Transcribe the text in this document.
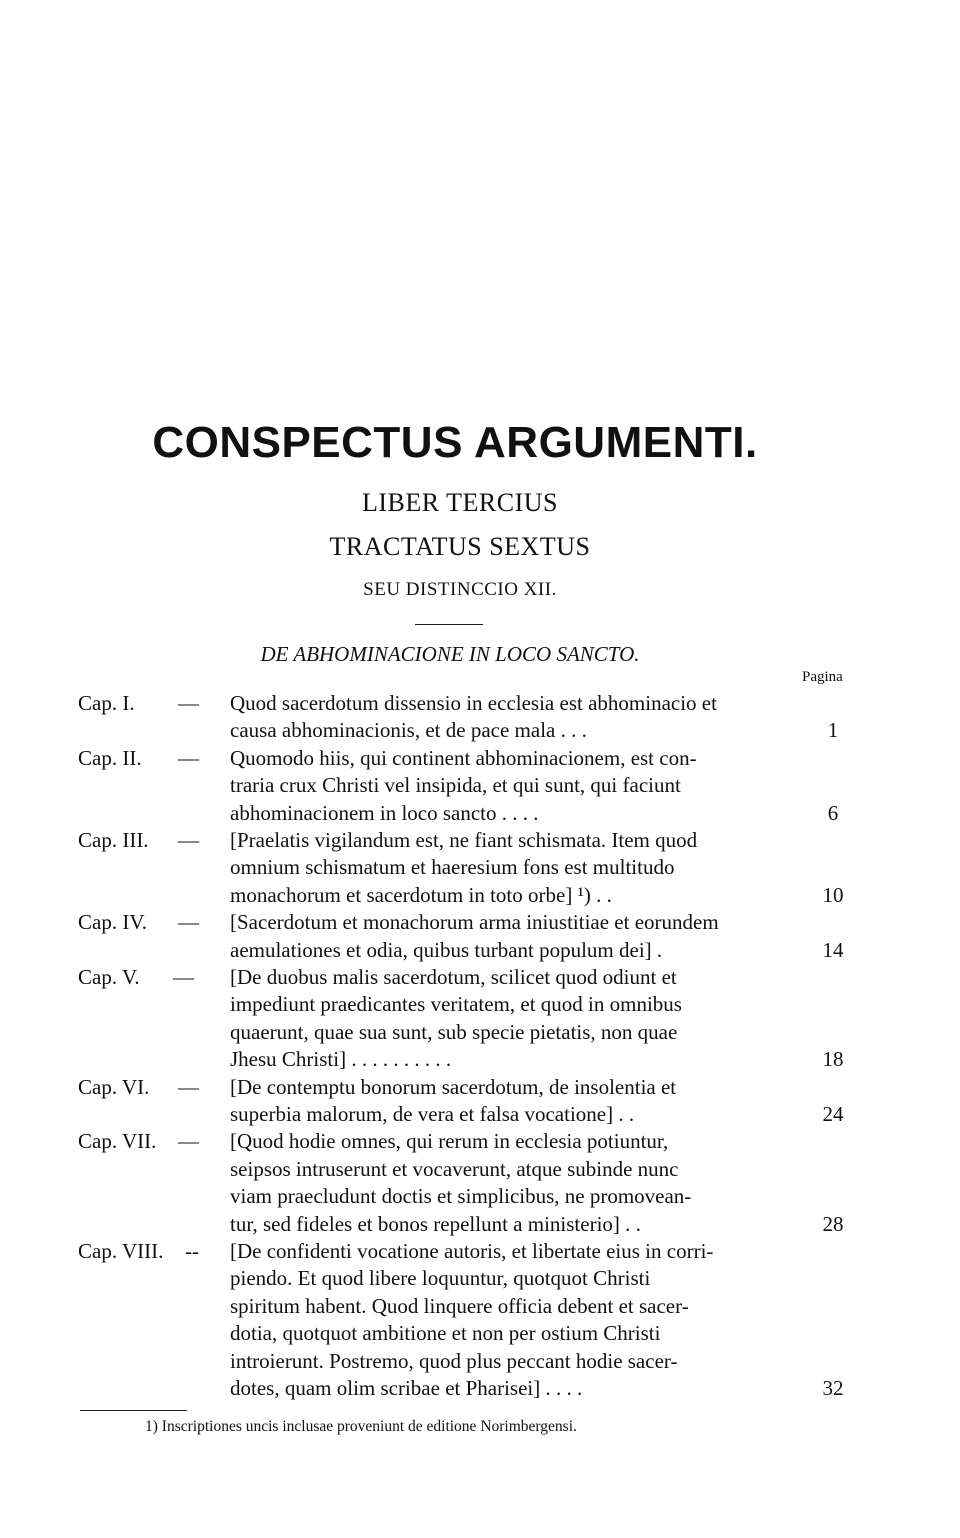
CONSPECTUS ARGUMENTI.
LIBER TERCIUS
TRACTATUS SEXTUS
SEU DISTINCCIO XII.
DE ABHOMINACIONE IN LOCO SANCTO.
Pagina
Cap. I. — Quod sacerdotum dissensio in ecclesia est abhominacio et
causa abhominacionis, et de pace mala . . .	1
Cap. II. — Quomodo hiis, qui continent abhominacionem, est con-
traria crux Christi vel insipida, et qui sunt, qui faciunt
abhominacionem in loco sancto . . . .	6
Cap. III. — [Praelatis vigilandum est, ne fiant schismata. Item quod
omnium schismatum et haeresium fons est multitudo
monachorum et sacerdotum in toto orbe] ¹) . .	10
Cap. IV. — [Sacerdotum et monachorum arma iniustitiae et eorundem
aemulationes et odia, quibus turbant populum dei] .	14
Cap. V. — [De duobus malis sacerdotum, scilicet quod odiunt et
impediunt praedicantes veritatem, et quod in omnibus
quaerunt, quae sua sunt, sub specie pietatis, non quae
Jhesu Christi] . . . . . . . . . .	18
Cap. VI. — [De contemptu bonorum sacerdotum, de insolentia et
superbia malorum, de vera et falsa vocatione] . .	24
Cap. VII. — [Quod hodie omnes, qui rerum in ecclesia potiuntur,
seipsos intruserunt et vocaverunt, atque subinde nunc
viam praecludunt doctis et simplicibus, ne promovean-
tur, sed fideles et bonos repellunt a ministerio] . .	28
Cap. VIII. -- [De confidenti vocatione autoris, et libertate eius in corri-
piendo. Et quod libere loquuntur, quotquot Christi
spiritum habent. Quod linquere officia debent et sacer-
dotia, quotquot ambitione et non per ostium Christi
introierunt. Postremo, quod plus peccant hodie sacer-
dotes, quam olim scribae et Pharisei] . . . .	32
1) Inscriptiones uncis inclusae proveniunt de editione Norimbergensi.
